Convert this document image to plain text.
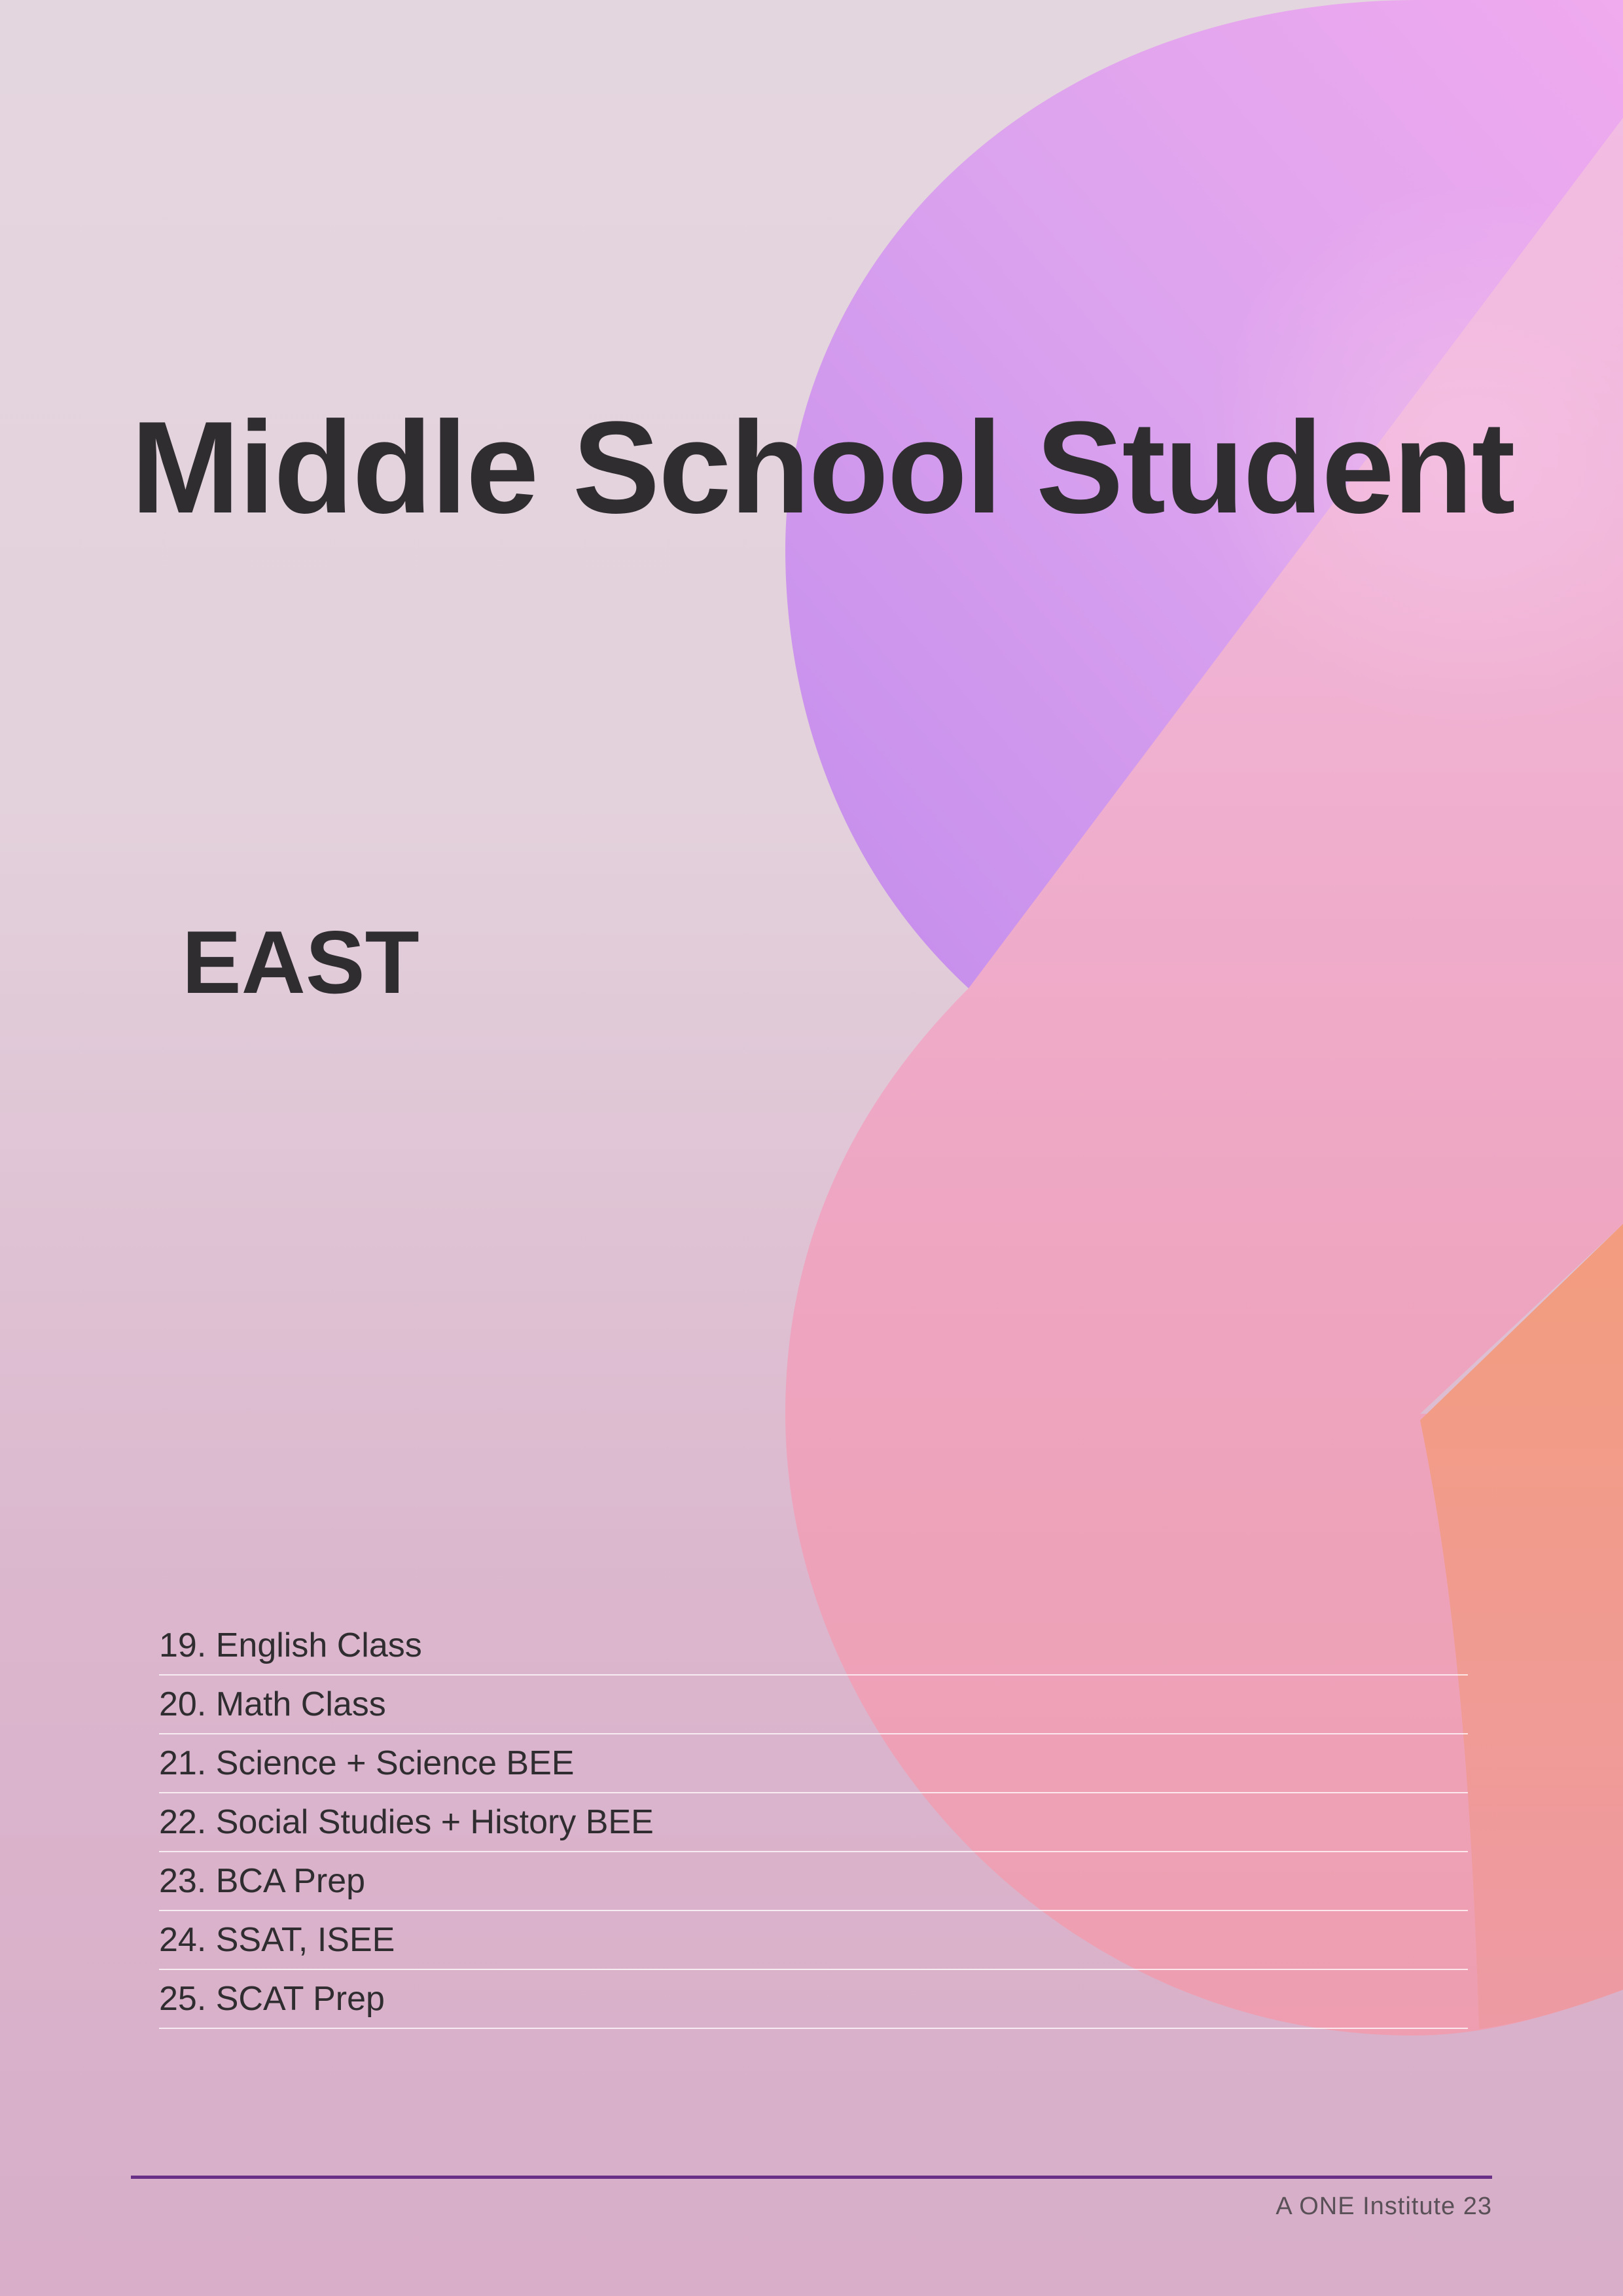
Middle School Student
EAST
19. English Class
20. Math Class
21. Science + Science BEE
22. Social Studies + History BEE
23. BCA Prep
24. SSAT, ISEE
25. SCAT Prep
A ONE Institute 23
